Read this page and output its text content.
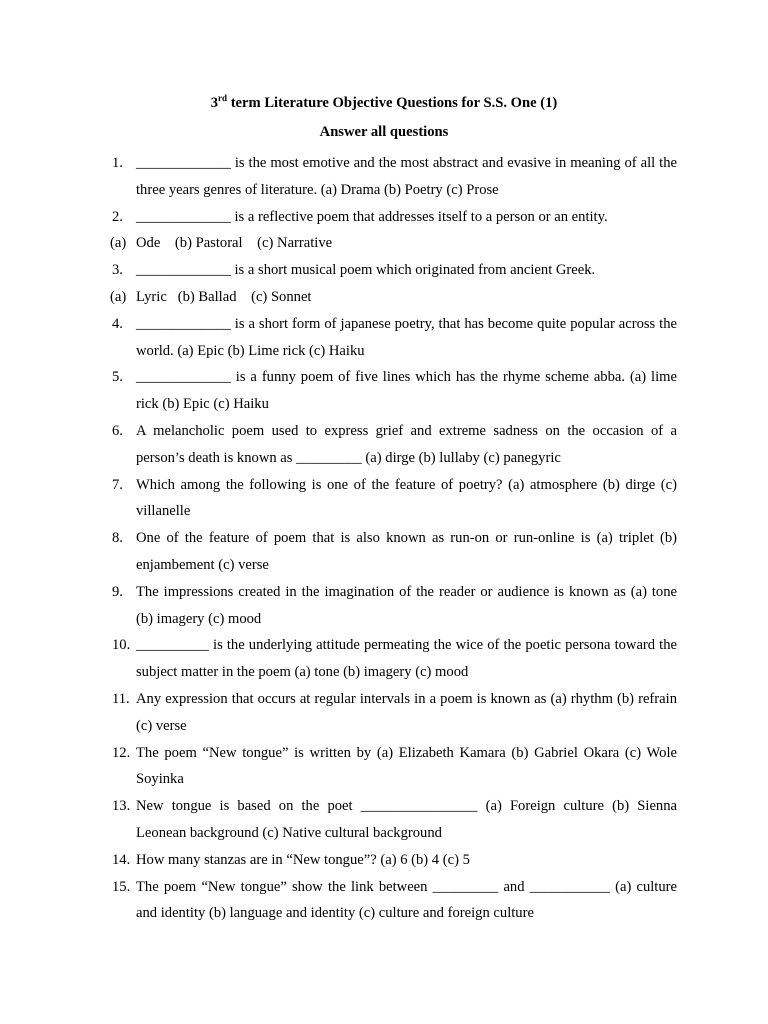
3rd term Literature Objective Questions for S.S. One (1)
Answer all questions
1. _____________ is the most emotive and the most abstract and evasive in meaning of all the three years genres of literature. (a) Drama (b) Poetry (c) Prose
2. _____________ is a reflective poem that addresses itself to a person or an entity.
(a) Ode    (b) Pastoral    (c) Narrative
3. _____________ is a short musical poem which originated from ancient Greek.
(a) Lyric   (b) Ballad    (c) Sonnet
4. _____________ is a short form of japanese poetry, that has become quite popular across the world. (a) Epic (b) Lime rick (c) Haiku
5. _____________ is a funny poem of five lines which has the rhyme scheme abba. (a) lime rick (b) Epic (c) Haiku
6. A melancholic poem used to express grief and extreme sadness on the occasion of a person’s death is known as _________ (a) dirge (b) lullaby (c) panegyric
7. Which among the following is one of the feature of poetry? (a) atmosphere (b) dirge (c) villanelle
8. One of the feature of poem that is also known as run-on or run-online is (a) triplet (b) enjambement (c) verse
9. The impressions created in the imagination of the reader or audience is known as (a) tone (b) imagery (c) mood
10. __________ is the underlying attitude permeating the wice of the poetic persona toward the subject matter in the poem (a) tone (b) imagery (c) mood
11. Any expression that occurs at regular intervals in a poem is known as (a) rhythm (b) refrain (c) verse
12. The poem “New tongue” is written by (a) Elizabeth Kamara (b) Gabriel Okara (c) Wole Soyinka
13. New tongue is based on the poet ________________ (a) Foreign culture (b) Sienna Leonean background (c) Native cultural background
14. How many stanzas are in “New tongue”? (a) 6 (b) 4 (c) 5
15. The poem “New tongue” show the link between _________ and ___________ (a) culture and identity (b) language and identity (c) culture and foreign culture
